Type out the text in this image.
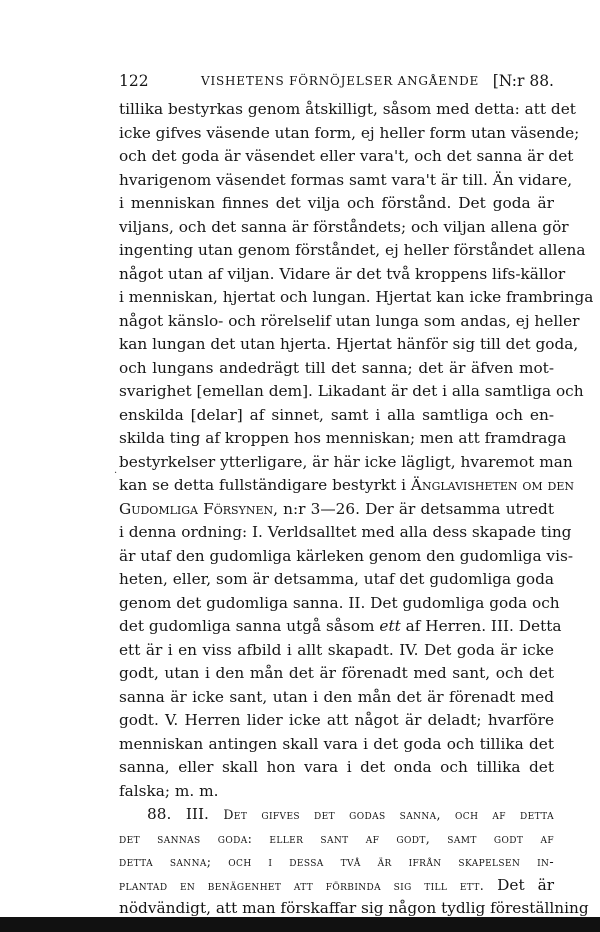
122	VISHETENS FÖRNÖJELSER ANGÅENDE [N:r 88.
·
tillika bestyrkas genom åtskilligt, såsom med detta: att det
icke gifves väsende utan form, ej heller form utan väsende;
och det goda är väsendet eller vara't, och det sanna är det
hvarigenom väsendet formas samt vara't är till. Än vidare,
i menniskan finnes det vilja och förstånd. Det goda är
viljans, och det sanna är förståndets; och viljan allena gör
ingenting utan genom förståndet, ej heller förståndet allena
något utan af viljan. Vidare är det två kroppens lifs-källor
i menniskan, hjertat och lungan. Hjertat kan icke frambringa
något känslo- och rörelselif utan lunga som andas, ej heller
kan lungan det utan hjerta. Hjertat hänför sig till det goda,
och lungans andedrägt till det sanna; det är äfven mot-
svarighet [emellan dem]. Likadant är det i alla samtliga och
enskilda [delar] af sinnet, samt i alla samtliga och en-
skilda ting af kroppen hos menniskan; men att framdraga
bestyrkelser ytterligare, är här icke lägligt, hvaremot man
kan se detta fullständigare bestyrkt i Änglavisheten om den
Gudomliga Försynen, n:r 3—26. Der är detsamma utredt
i denna ordning: I. Verldsalltet med alla dess skapade ting
är utaf den gudomliga kärleken genom den gudomliga vis-
heten, eller, som är detsamma, utaf det gudomliga goda
genom det gudomliga sanna. II. Det gudomliga goda och
det gudomliga sanna utgå såsom ett af Herren. III. Detta
ett är i en viss afbild i allt skapadt. IV. Det goda är icke
godt, utan i den mån det är förenadt med sant, och det
sanna är icke sant, utan i den mån det är förenadt med
godt. V. Herren lider icke att något är deladt; hvarföre
menniskan antingen skall vara i det goda och tillika det
sanna, eller skall hon vara i det onda och tillika det
falska; m. m.
88. III. Det gifves det godas sanna, och af detta
det sannas goda: eller sant af godt, samt godt af
detta sanna; och i dessa två är ifrån skapelsen in-
plantad en benägenhet att förbinda sig till ett. Det är
nödvändigt, att man förskaffar sig någon tydlig föreställning
